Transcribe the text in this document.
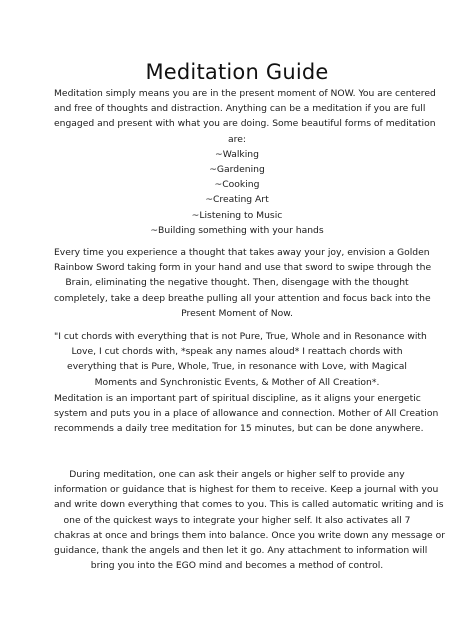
Meditation Guide
Meditation simply means you are in the present moment of NOW. You are centered
and free of thoughts and distraction. Anything can be a meditation if you are full
engaged and present with what you are doing. Some beautiful forms of meditation
are:
~Walking
~Gardening
~Cooking
~Creating Art
~Listening to Music
~Building something with your hands
Every time you experience a thought that takes away your joy, envision a Golden
Rainbow Sword taking form in your hand and use that sword to swipe through the
Brain, eliminating the negative thought. Then, disengage with the thought
completely, take a deep breathe pulling all your attention and focus back into the
Present Moment of Now.
"I cut chords with everything that is not Pure, True, Whole and in Resonance with
Love, I cut chords with, *speak any names aloud* I reattach chords with
everything that is Pure, Whole, True, in resonance with Love, with Magical
Moments and Synchronistic Events, & Mother of All Creation*.
Meditation is an important part of spiritual discipline, as it aligns your energetic
system and puts you in a place of allowance and connection. Mother of All Creation
recommends a daily tree meditation for 15 minutes, but can be done anywhere.
During meditation, one can ask their angels or higher self to provide any
information or guidance that is highest for them to receive. Keep a journal with you
and write down everything that comes to you. This is called automatic writing and is
one of the quickest ways to integrate your higher self. It also activates all 7
chakras at once and brings them into balance. Once you write down any message or
guidance, thank the angels and then let it go. Any attachment to information will
bring you into the EGO mind and becomes a method of control.
